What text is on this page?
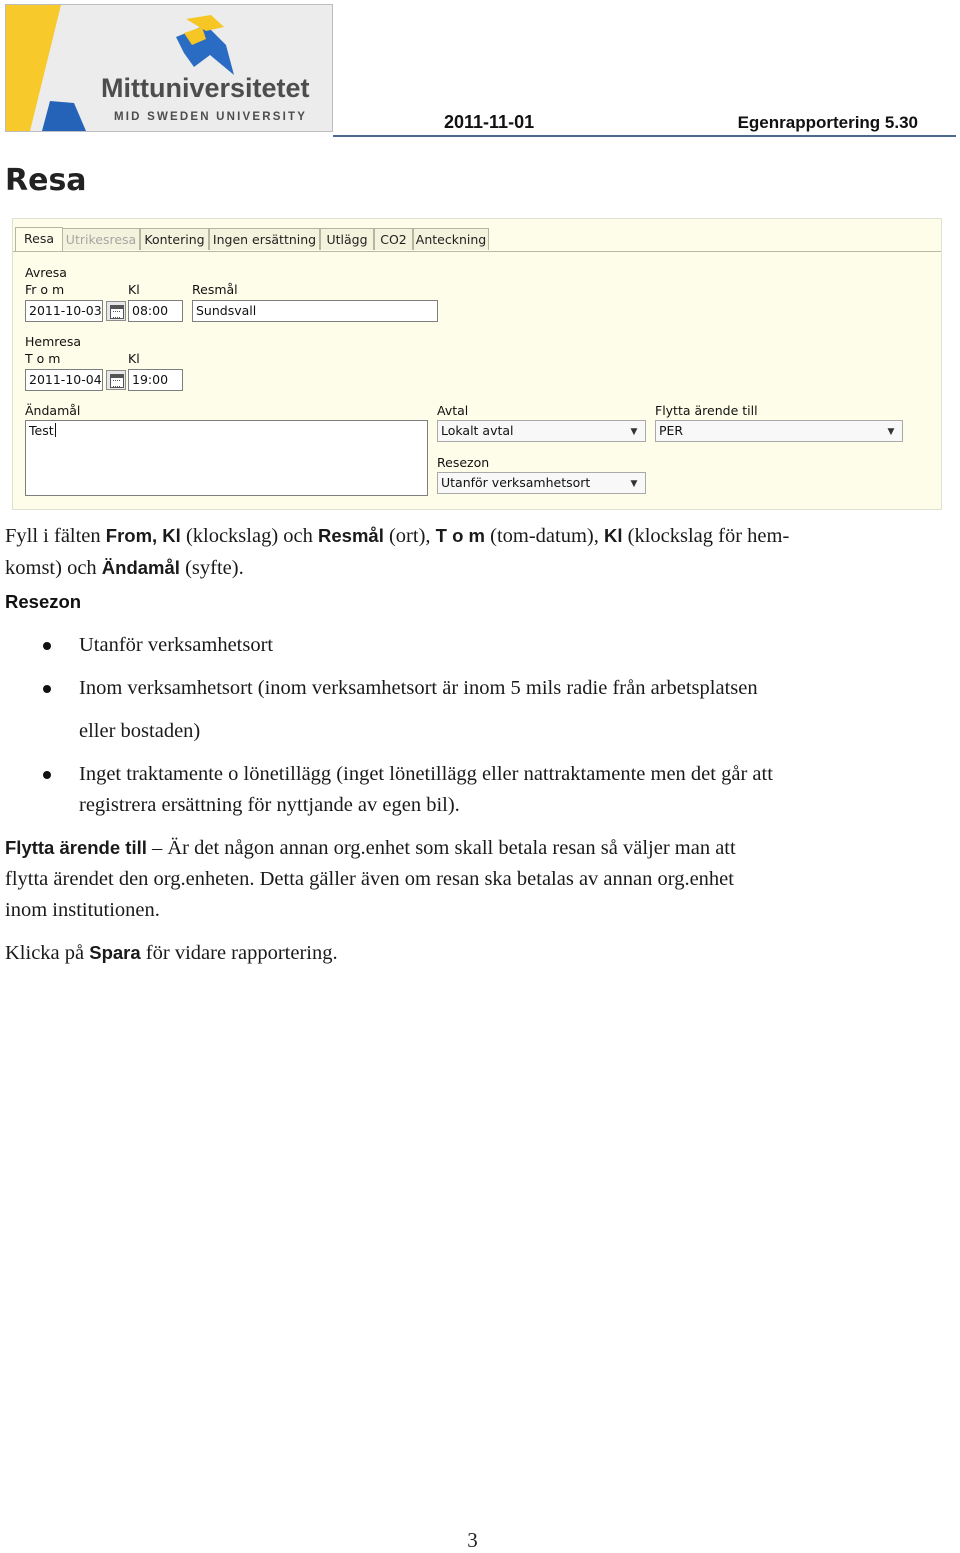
Mittuniversitetet
MID SWEDEN UNIVERSITY	2011-11-01	Egenrapportering 5.30
Resa
Resa Utrikesresa Kontering Ingen ersättning Utlägg	CO2 Anteckning
Avresa
Fr o m	Kl	Resmål
2011-10-03	08:00	Sundsvall
Hemresa
T o m	Kl
2011-10-04	19:00
Ändamål
Test
Avtal
Lokalt avtal	▼
Flytta ärende till
PER	▼
Resezon
Utanför verksamhetsort	▼

Fyll i fälten From, Kl (klockslag) och Resmål (ort), T o m (tom-datum), Kl (klockslag för hem-
komst) och Ändamål (syfte).

Resezon

Utanför verksamhetsort

Inom verksamhetsort (inom verksamhetsort är inom 5 mils radie från arbetsplatsen

eller bostaden)

Inget traktamente o lönetillägg (inget lönetillägg eller nattraktamente men det går att
registrera ersättning för nyttjande av egen bil).

Flytta ärende till – Är det någon annan org.enhet som skall betala resan så väljer man att
flytta ärendet den org.enheten. Detta gäller även om resan ska betalas av annan org.enhet
inom institutionen.

Klicka på Spara för vidare rapportering.

3
